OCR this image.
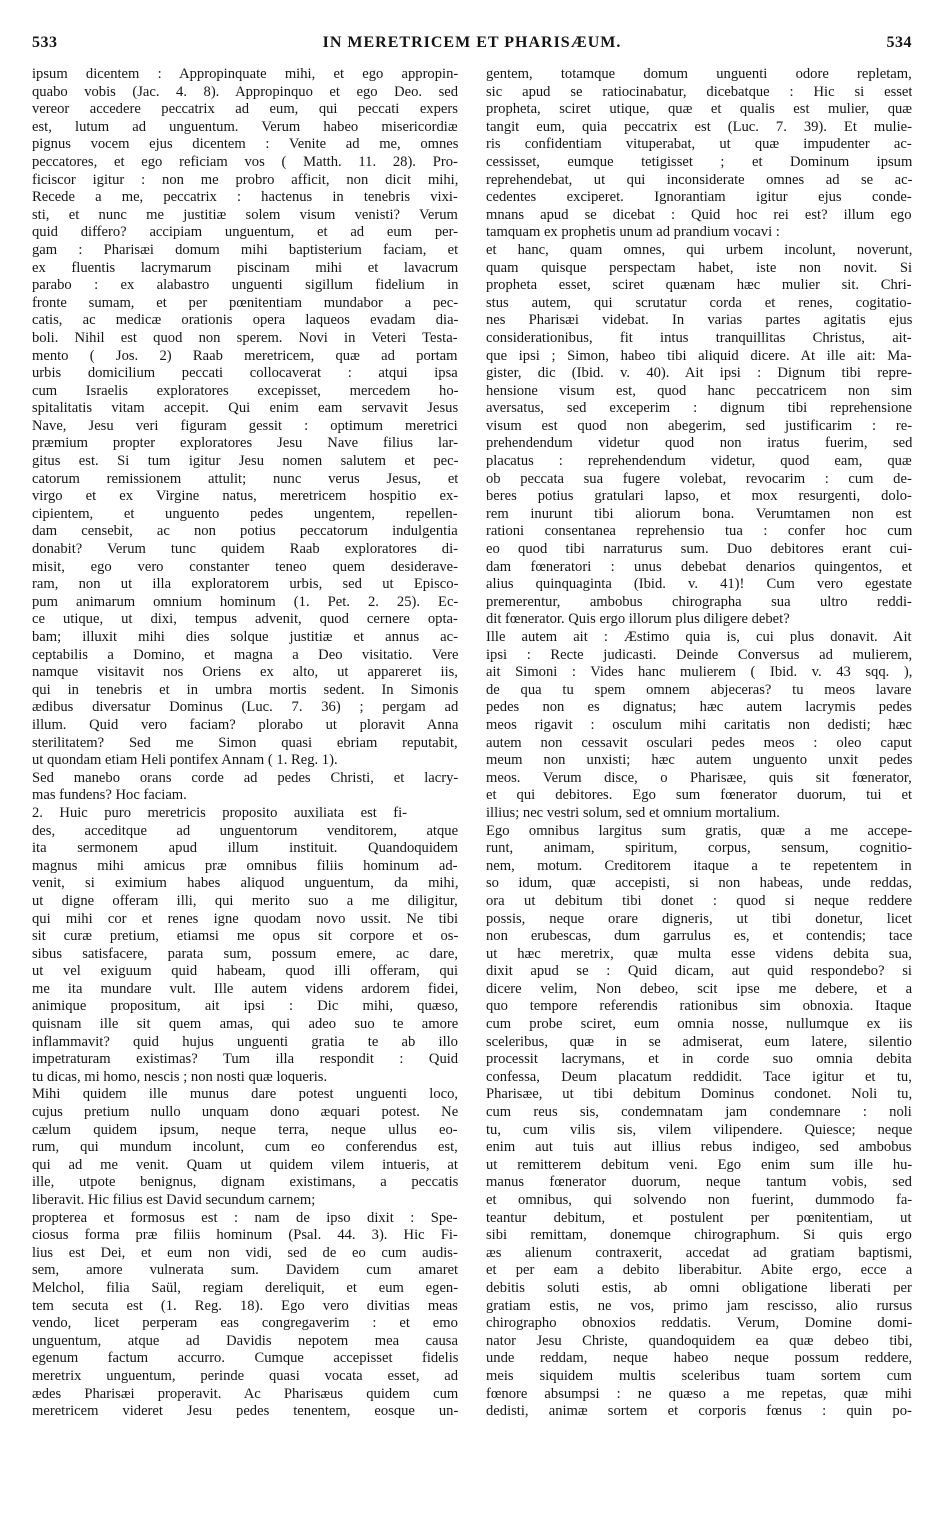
533	IN MERETRICEM ET PHARISÆUM.	534
ipsum dicentem : Appropinquate mihi, et ego appropin-
quabo vobis (Jac. 4. 8). Appropinquo et ego Deo. sed
vereor accedere peccatrix ad eum, qui peccati expers
est, lutum ad unguentum. Verum habeo misericordiæ
pignus vocem ejus dicentem : Venite ad me, omnes
peccatores, et ego reficiam vos ( Matth. 11. 28). Pro-
ficiscor igitur : non me probro afficit, non dicit mihi,
Recede a me, peccatrix : hactenus in tenebris vixi-
sti, et nunc me justitiæ solem visum venisti? Verum
quid differo? accipiam unguentum, et ad eum per-
gam : Pharisæi domum mihi baptisterium faciam, et
ex fluentis lacrymarum piscinam mihi et lavacrum
parabo : ex alabastro unguenti sigillum fidelium in
fronte sumam, et per pœnitentiam mundabor a pec-
catis, ac medicæ orationis opera laqueos evadam dia-
boli. Nihil est quod non sperem. Novi in Veteri Testa-
mento ( Jos. 2) Raab meretricem, quæ ad portam
urbis domicilium peccati collocaverat : atqui ipsa
cum Israelis exploratores excepisset, mercedem ho-
spitalitatis vitam accepit. Qui enim eam servavit Jesus
Nave, Jesu veri figuram gessit : optimum meretrici
præmium propter exploratores Jesu Nave filius lar-
gitus est. Si tum igitur Jesu nomen salutem et pec-
catorum remissionem attulit; nunc verus Jesus, et
virgo et ex Virgine natus, meretricem hospitio ex-
cipientem, et unguento pedes ungentem, repellen-
dam censebit, ac non potius peccatorum indulgentia
donabit? Verum tunc quidem Raab exploratores di-
misit, ego vero constanter teneo quem desiderave-
ram, non ut illa exploratorem urbis, sed ut Episco-
pum animarum omnium hominum (1. Pet. 2. 25). Ec-
ce utique, ut dixi, tempus advenit, quod cernere opta-
bam; illuxit mihi dies solque justitiæ et annus ac-
ceptabilis a Domino, et magna a Deo visitatio. Vere
namque visitavit nos Oriens ex alto, ut appareret iis,
qui in tenebris et in umbra mortis sedent. In Simonis
ædibus diversatur Dominus (Luc. 7. 36) ; pergam ad
illum. Quid vero faciam? plorabo ut ploravit Anna
sterilitatem? Sed me Simon quasi ebriam reputabit,
ut quondam etiam Heli pontifex Annam ( 1. Reg. 1).
Sed manebo orans corde ad pedes Christi, et lacry-
mas fundens? Hoc faciam.
2. Huic puro meretricis proposito auxiliata est fi-
des, acceditque ad unguentorum venditorem, atque
ita sermonem apud illum instituit. Quandoquidem
magnus mihi amicus præ omnibus filiis hominum ad-
venit, si eximium habes aliquod unguentum, da mihi,
ut digne offeram illi, qui merito suo a me diligitur,
qui mihi cor et renes igne quodam novo ussit. Ne tibi
sit curæ pretium, etiamsi me opus sit corpore et os-
sibus satisfacere, parata sum, possum emere, ac dare,
ut vel exiguum quid habeam, quod illi offeram, qui
me ita mundare vult. Ille autem videns ardorem fidei,
animique propositum, ait ipsi : Dic mihi, quæso,
quisnam ille sit quem amas, qui adeo suo te amore
inflammavit? quid hujus unguenti gratia te ab illo
impetraturam existimas? Tum illa respondit : Quid
tu dicas, mi homo, nescis ; non nosti quæ loqueris.
Mihi quidem ille munus dare potest unguenti loco,
cujus pretium nullo unquam dono æquari potest. Ne
cælum quidem ipsum, neque terra, neque ullus eo-
rum, qui mundum incolunt, cum eo conferendus est,
qui ad me venit. Quam ut quidem vilem intueris, at
ille, utpote benignus, dignam existimans, a peccatis
liberavit. Hic filius est David secundum carnem;
propterea et formosus est : nam de ipso dixit : Spe-
ciosus forma præ filiis hominum (Psal. 44. 3). Hic Fi-
lius est Dei, et eum non vidi, sed de eo cum audis-
sem, amore vulnerata sum. Davidem cum amaret
Melchol, filia Saül, regiam dereliquit, et eum egen-
tem secuta est (1. Reg. 18). Ego vero divitias meas
vendo, licet perperam eas congregaverim : et emo
unguentum, atque ad Davidis nepotem mea causa
egenum factum accurro. Cumque accepisset fidelis
meretrix unguentum, perinde quasi vocata esset, ad
ædes Pharisæi properavit. Ac Pharisæus quidem cum
meretricem videret Jesu pedes tenentem, eosque un-
gentem, totamque domum unguenti odore repletam,
sic apud se ratiocinabatur, dicebatque : Hic si esset
propheta, sciret utique, quæ et qualis est mulier, quæ
tangit eum, quia peccatrix est (Luc. 7. 39). Et mulie-
ris confidentiam vituperabat, ut quæ impudenter ac-
cessisset, eumque tetigisset ; et Dominum ipsum
reprehendebat, ut qui inconsiderate omnes ad se ac-
cedentes exciperet. Ignorantiam igitur ejus conde-
mnans apud se dicebat : Quid hoc rei est? illum ego
tamquam ex prophetis unum ad prandium vocavi :
et hanc, quam omnes, qui urbem incolunt, noverunt,
quam quisque perspectam habet, iste non novit. Si
propheta esset, sciret quænam hæc mulier sit. Chri-
stus autem, qui scrutatur corda et renes, cogitatio-
nes Pharisæi videbat. In varias partes agitatis ejus
considerationibus, fit intus tranquillitas Christus, ait-
que ipsi ; Simon, habeo tibi aliquid dicere. At ille ait: Ma-
gister, dic (Ibid. v. 40). Ait ipsi : Dignum tibi repre-
hensione visum est, quod hanc peccatricem non sim
aversatus, sed exceperim : dignum tibi reprehensione
visum est quod non abegerim, sed justificarim : re-
prehendendum videtur quod non iratus fuerim, sed
placatus : reprehendendum videtur, quod eam, quæ
ob peccata sua fugere volebat, revocarim : cum de-
beres potius gratulari lapso, et mox resurgenti, dolo-
rem inurunt tibi aliorum bona. Verumtamen non est
rationi consentanea reprehensio tua : confer hoc cum
eo quod tibi narraturus sum. Duo debitores erant cui-
dam fœneratori : unus debebat denarios quingentos, et
alius quinquaginta (Ibid. v. 41)! Cum vero egestate
premerentur, ambobus chirographa sua ultro reddi-
dit fœnerator. Quis ergo illorum plus diligere debet?
Ille autem ait : Æstimo quia is, cui plus donavit. Ait
ipsi : Recte judicasti. Deinde Conversus ad mulierem,
ait Simoni : Vides hanc mulierem ( Ibid. v. 43 sqq. ),
de qua tu spem omnem abjeceras? tu meos lavare
pedes non es dignatus; hæc autem lacrymis pedes
meos rigavit : osculum mihi caritatis non dedisti; hæc
autem non cessavit osculari pedes meos : oleo caput
meum non unxisti; hæc autem unguento unxit pedes
meos. Verum disce, o Pharisæe, quis sit fœnerator,
et qui debitores. Ego sum fœnerator duorum, tui et
illius; nec vestri solum, sed et omnium mortalium.
Ego omnibus largitus sum gratis, quæ a me accepe-
runt, animam, spiritum, corpus, sensum, cognitio-
nem, motum. Creditorem itaque a te repetentem in
so idum, quæ accepisti, si non habeas, unde reddas,
ora ut debitum tibi donet : quod si neque reddere
possis, neque orare digneris, ut tibi donetur, licet
non erubescas, dum garrulus es, et contendis; tace
ut hæc meretrix, quæ multa esse videns debita sua,
dixit apud se : Quid dicam, aut quid respondebo? si
dicere velim, Non debeo, scit ipse me debere, et a
quo tempore referendis rationibus sim obnoxia. Itaque
cum probe sciret, eum omnia nosse, nullumque ex iis
sceleribus, quæ in se admiserat, eum latere, silentio
processit lacrymans, et in corde suo omnia debita
confessa, Deum placatum reddidit. Tace igitur et tu,
Pharisæe, ut tibi debitum Dominus condonet. Noli tu,
cum reus sis, condemnatam jam condemnare : noli
tu, cum vilis sis, vilem vilipendere. Quiesce; neque
enim aut tuis aut illius rebus indigeo, sed ambobus
ut remitterem debitum veni. Ego enim sum ille hu-
manus fœnerator duorum, neque tantum vobis, sed
et omnibus, qui solvendo non fuerint, dummodo fa-
teantur debitum, et postulent per pœnitentiam, ut
sibi remittam, donemque chirographum. Si quis ergo
æs alienum contraxerit, accedat ad gratiam baptismi,
et per eam a debito liberabitur. Abite ergo, ecce a
debitis soluti estis, ab omni obligatione liberati per
gratiam estis, ne vos, primo jam rescisso, alio rursus
chirographo obnoxios reddatis. Verum, Domine domi-
nator Jesu Christe, quandoquidem ea quæ debeo tibi,
unde reddam, neque habeo neque possum reddere,
meis siquidem multis sceleribus tuam sortem cum
fœnore absumpsi : ne quæso a me repetas, quæ mihi
dedisti, animæ sortem et corporis fœnus : quin po-
